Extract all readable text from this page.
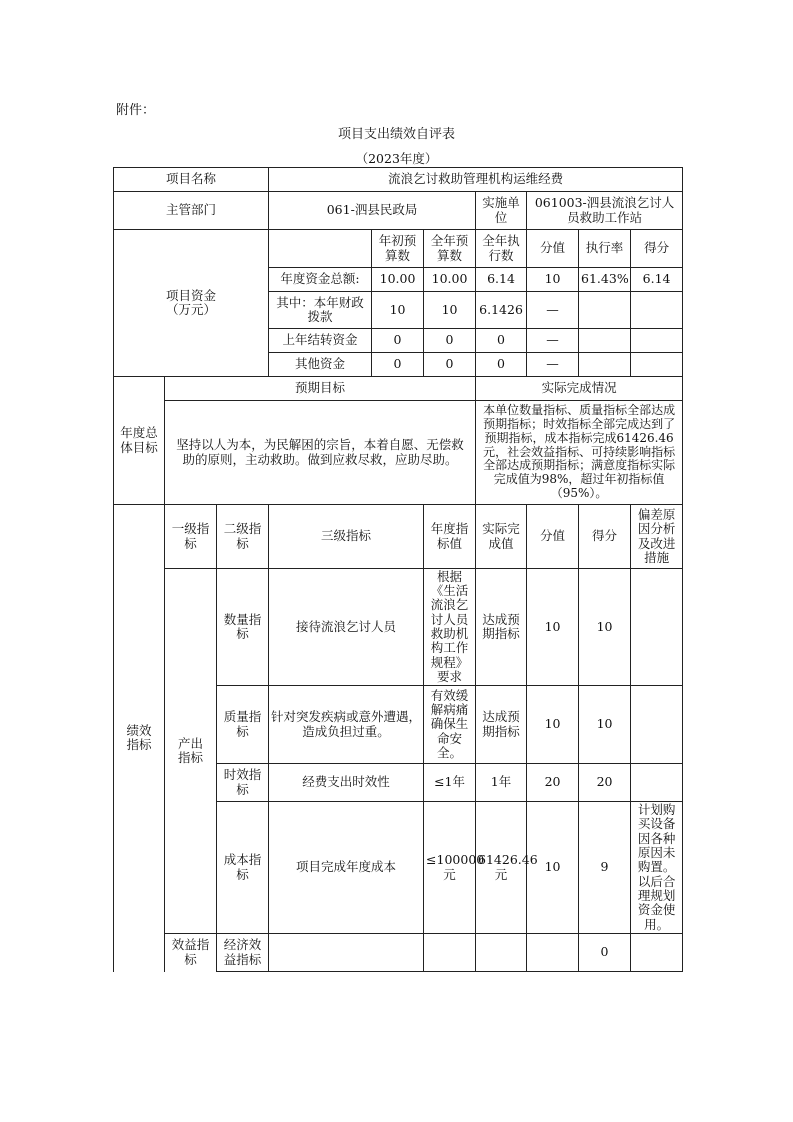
附件：
项目支出绩效自评表
（2023年度）
项目名称			流浪乞讨救助管理机构运维经费						
主管部门			061-泗县民政局			实施单位	061003-泗县流浪乞讨人员救助工作站		

项目资金（万元）				年初预算数	全年预算数	全年执行数	分值	执行率	得分
			年度资金总额:	10.00	10.00	6.14	10	61.43%	6.14
			其中：本年财政拨款	10	10	6.1426	—		
			上年结转资金	0	0	0	—		
			其他资金	0	0	0	—		

年度总体目标	预期目标					实际完成情况			
	坚持以人为本，为民解困的宗旨，本着自愿、无偿救助的原则，主动救助。做到应救尽救，应助尽助。					本单位数量指标、质量指标全部达成预期指标；时效指标全部完成达到了预期指标，成本指标完成61426.46元，社会效益指标、可持续影响指标全部达成预期指标；满意度指标实际完成值为98%，超过年初指标值（95%）。			

绩效指标	一级指标	二级指标	三级指标		年度指标值	实际完成值	分值	得分	偏差原因分析及改进措施

	产出指标	数量指标	接待流浪乞讨人员		根据《生活流浪乞讨人员救助机构工作规程》要求	达成预期指标	10	10	
		质量指标	针对突发疾病或意外遭遇，造成负担过重。		有效缓解病痛确保生命安全。	达成预期指标	10	10	
		时效指标	经费支出时效性		≤1年	1年	20	20	
		成本指标	项目完成年度成本		≤100000元	61426.46元	10	9	计划购买设备因各种原因未购置。以后合理规划资金使用。
	效益指标	经济效益指标						0	
